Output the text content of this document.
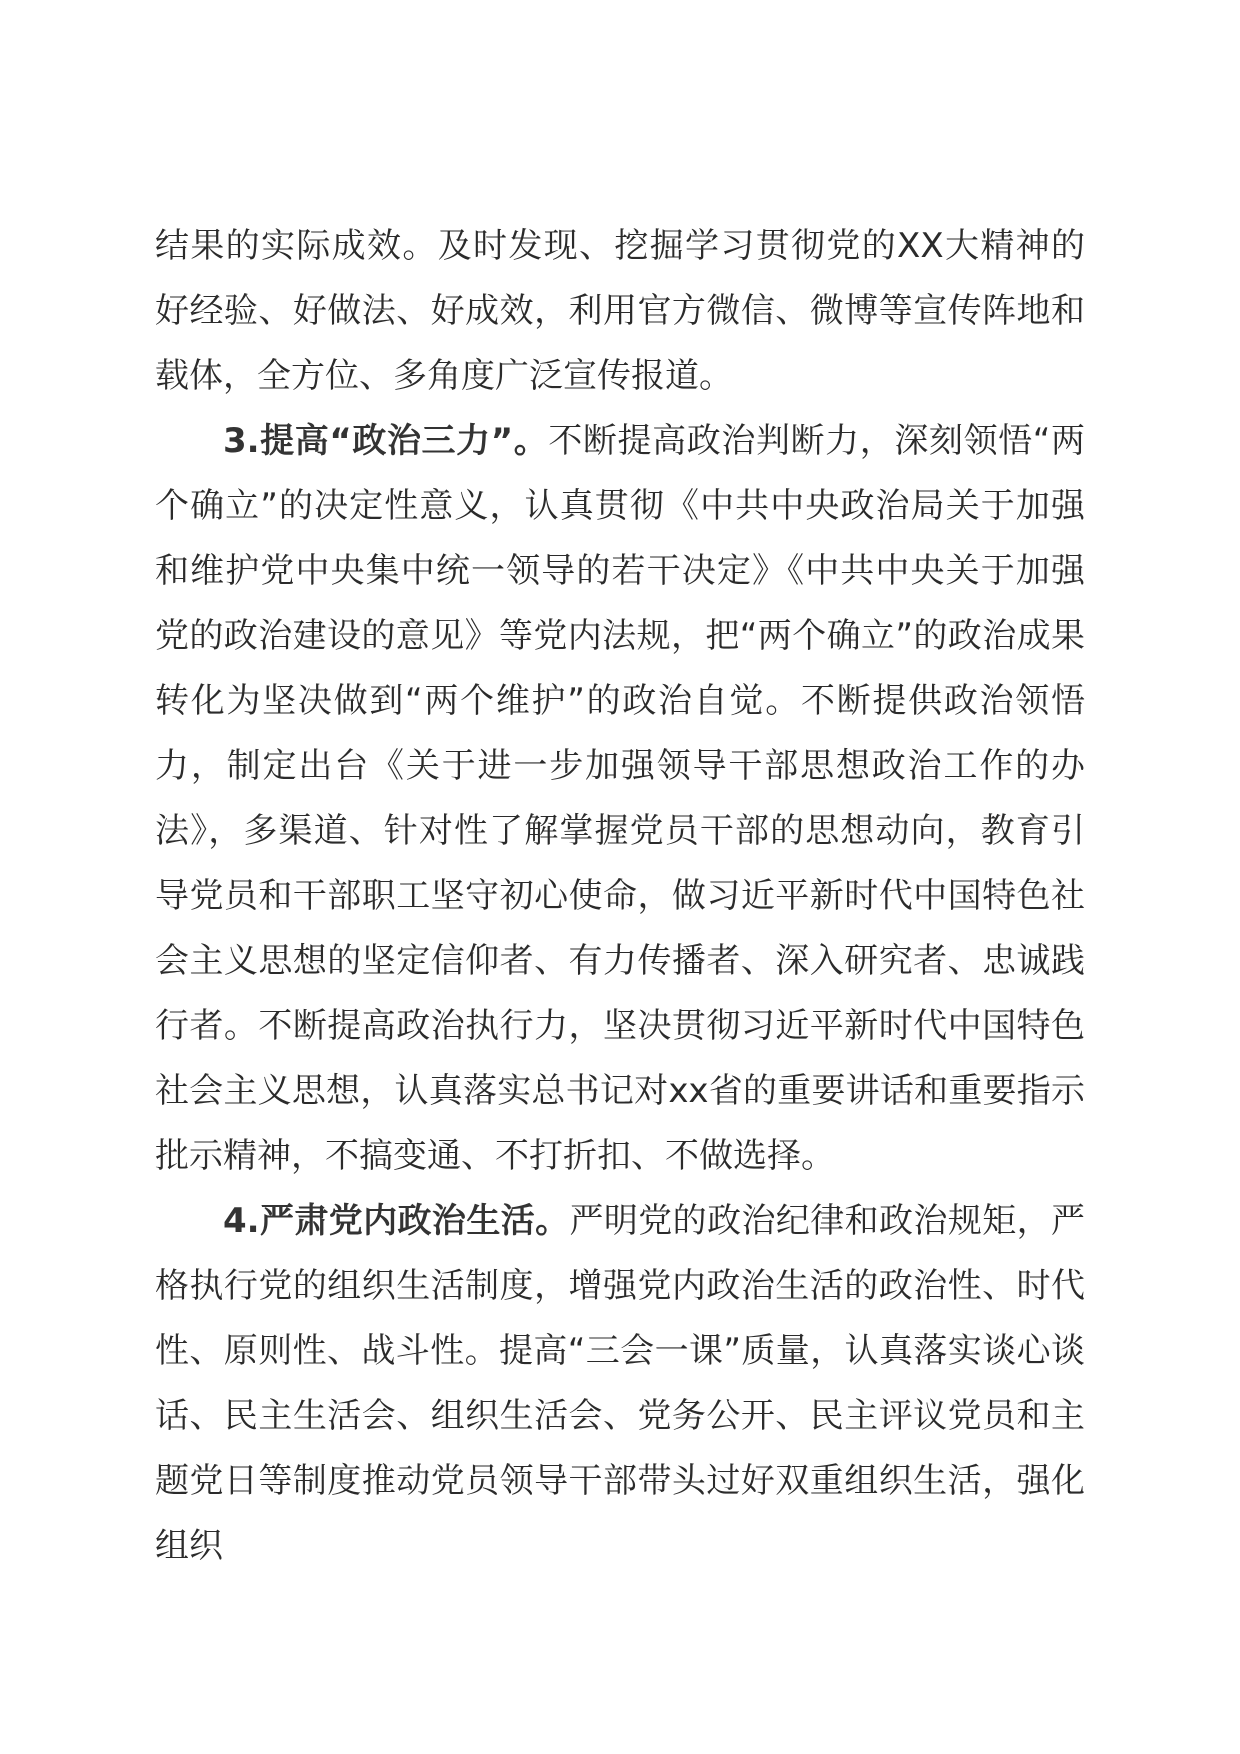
结果的实际成效。及时发现、挖掘学习贯彻党的XX大精神的好经验、好做法、好成效，利用官方微信、微博等宣传阵地和载体，全方位、多角度广泛宣传报道。

3.提高“政治三力”。不断提高政治判断力，深刻领悟“两个确立”的决定性意义，认真贯彻《中共中央政治局关于加强和维护党中央集中统一领导的若干决定》《中共中央关于加强党的政治建设的意见》等党内法规，把“两个确立”的政治成果转化为坚决做到“两个维护”的政治自觉。不断提供政治领悟力，制定出台《关于进一步加强领导干部思想政治工作的办法》，多渠道、针对性了解掌握党员干部的思想动向，教育引导党员和干部职工坚守初心使命，做习近平新时代中国特色社会主义思想的坚定信仰者、有力传播者、深入研究者、忠诚践行者。不断提高政治执行力，坚决贯彻习近平新时代中国特色社会主义思想，认真落实总书记对xx省的重要讲话和重要指示批示精神，不搞变通、不打折扣、不做选择。

4.严肃党内政治生活。严明党的政治纪律和政治规矩，严格执行党的组织生活制度，增强党内政治生活的政治性、时代性、原则性、战斗性。提高“三会一课”质量，认真落实谈心谈话、民主生活会、组织生活会、党务公开、民主评议党员和主题党日等制度推动党员领导干部带头过好双重组织生活，强化组织
